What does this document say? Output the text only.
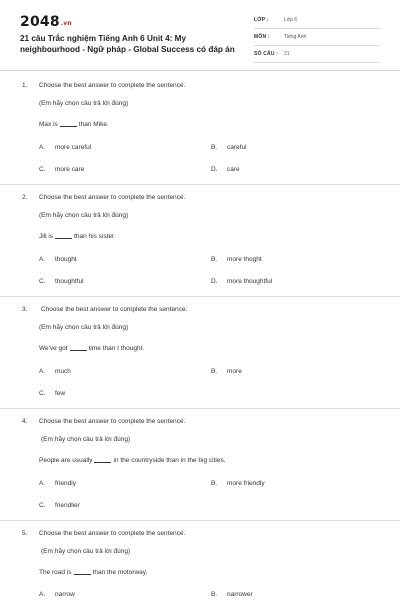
2048.vn
21 câu Trắc nghiệm Tiếng Anh 6 Unit 4: My neighbourhood - Ngữ pháp - Global Success có đáp án
LỚP :	Lớp 6
MÔN :	Tiếng Anh
SỐ CÂU : 21
1. Choose the best answer to complete the sentence.
(Em hãy chọn câu trả lời đúng)
Max is	than Mike.
A. more careful	B. careful
C. more care	D. care
2. Choose the best answer to complete the sentence.
(Em hãy chọn câu trả lời đúng)
Jill is	than his sister.
A. thought	B. more thoght
C. thoughtful	D. more thoughtful
3. Choose the best answer to complete the sentence.
(Em hãy chọn câu trả lời đúng)
We've got	time than I thought.
A. much	B. more
C. few
4. Choose the best answer to complete the sentence.
(Em hãy chọn câu trả lời đúng)
People are usually	in the countryside than in the big cities.
A. friendly	B. more friendly
C. friendlier
5. Choose the best answer to complete the sentence.
(Em hãy chọn câu trả lời đúng)
The road is	than the motorway.
A. narrow	B. narrower
